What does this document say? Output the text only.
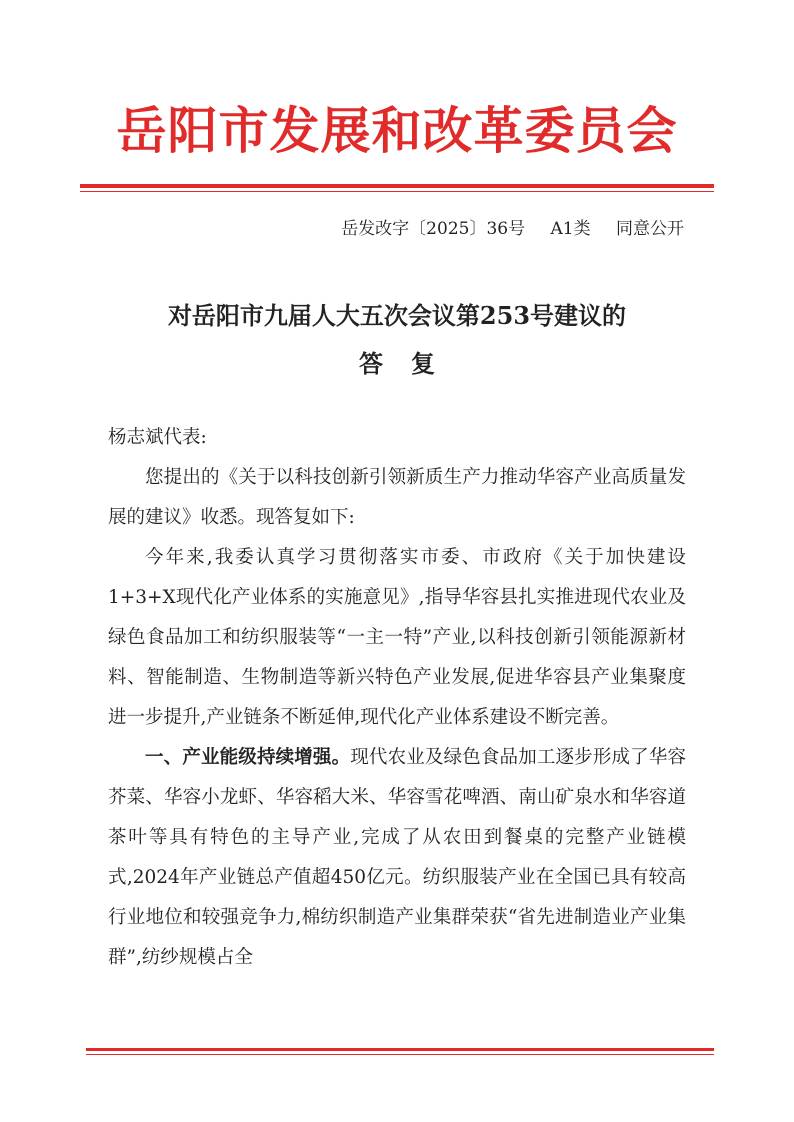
岳阳市发展和改革委员会
岳发改字〔2025〕36号 A1类 同意公开
对岳阳市九届人大五次会议第253号建议的
答复

杨志斌代表:

您提出的《关于以科技创新引领新质生产力推动华容产业高质量发展的建议》收悉。现答复如下:

今年来,我委认真学习贯彻落实市委、市政府《关于加快建设1+3+X现代化产业体系的实施意见》,指导华容县扎实推进现代农业及绿色食品加工和纺织服装等“一主一特”产业,以科技创新引领能源新材料、智能制造、生物制造等新兴特色产业发展,促进华容县产业集聚度进一步提升,产业链条不断延伸,现代化产业体系建设不断完善。

一、产业能级持续增强。现代农业及绿色食品加工逐步形成了华容芥菜、华容小龙虾、华容稻大米、华容雪花啤酒、南山矿泉水和华容道茶叶等具有特色的主导产业,完成了从农田到餐桌的完整产业链模式,2024年产业链总产值超450亿元。纺织服装产业在全国已具有较高行业地位和较强竞争力,棉纺织制造产业集群荣获“省先进制造业产业集群”,纺纱规模占全
